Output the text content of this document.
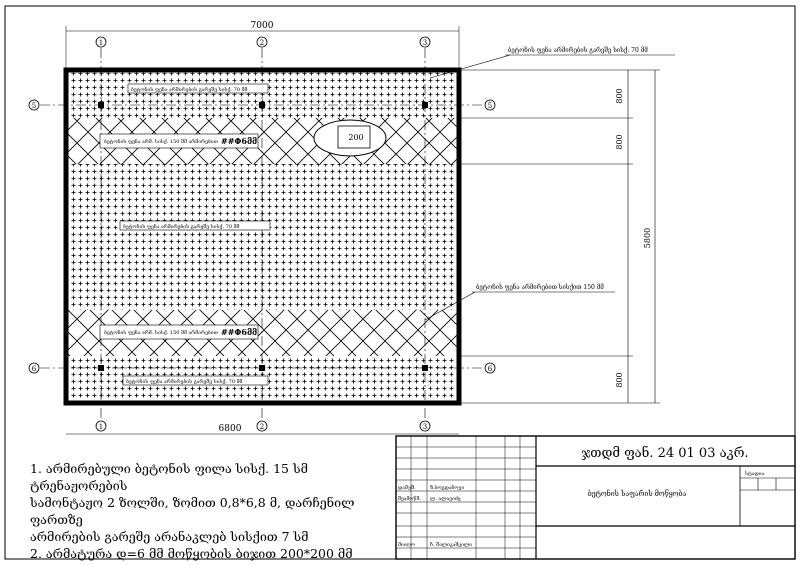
200
1	2	3
1	2	3
5	5
6	6
7000
6800
800
800
800
5800
ბეტონის ფენა არმირების გარეშე სისქ. 70 მმ
ბეტონის ფენა არმირებით სისქით 150 მმ
ბეტონის ფენა არმირების გარეშე სისქ. 70 მმ
ბეტონის ფენა არმ. სისქ. 150 მმ არმირებით
ბეტონის ფენა არმირების გარეშე სისქ. 70 მმ
ბეტონის ფენა არმ. სისქ. 150 მმ არმირებით
ბეტონის ფენა არმირების გარეშე სისქ. 70 მმ
##Φ6მმ
##Φ6მმ
დამუშ.	ზ.ბოგდანოვი
შეამოწმ. ლ. ალავიძე
მიიღო	ჩ. შალიკაშვილი
სტადია
ჯთდმ ფან. 24 01 03 აკრ.
ბეტონის საფარის მოწყობა
1. არმირებული ბეტონის ფილა სისქ. 15 სმ ტრენაჟორების
სამონტაჟო 2 ზოლში, ზომით 0,8*6,8 მ, დარჩენილ ფართზე
არმირების გარეშე არანაკლებ სისქით 7 სმ
2. არმატურა დ=6 მმ მოწყობის ბიჯით 200*200 მმ
